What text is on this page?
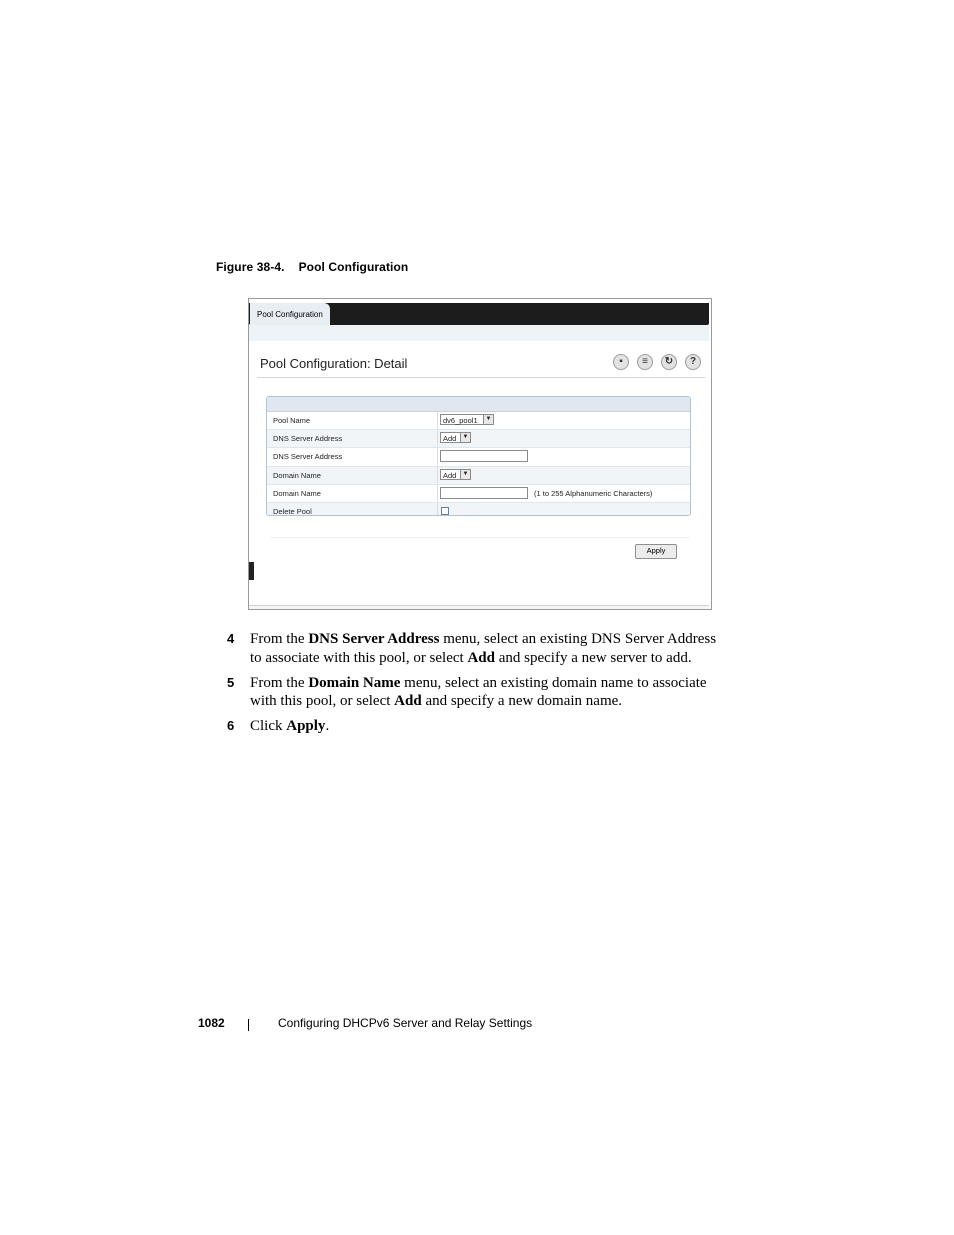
Figure 38-4. Pool Configuration
Pool Configuration
Pool Configuration: Detail	▪	≡	↻	?
Pool Name	dv6_pool1	▼
DNS Server Address	Add	▼
DNS Server Address
Domain Name	Add	▼
Domain Name	(1 to 255 Alphanumeric Characters)
Delete Pool
Apply
4 From the DNS Server Address menu, select an existing DNS Server Address to associate with this pool, or select Add and specify a new server to add.
5 From the Domain Name menu, select an existing domain name to associate with this pool, or select Add and specify a new domain name.
6 Click Apply.
1082	Configuring DHCPv6 Server and Relay Settings
